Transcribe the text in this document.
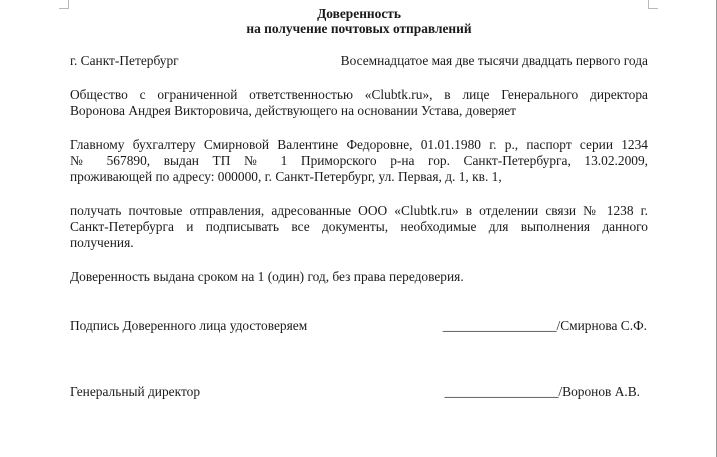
Доверенность
на получение почтовых отправлений
г. Санкт-Петербург	Восемнадцатое мая две тысячи двадцать первого года
Общество с ограниченной ответственностью «Clubtk.ru», в лице Генерального директора
Воронова Андрея Викторовича, действующего на основании Устава, доверяет
Главному бухгалтеру Смирновой Валентине Федоровне, 01.01.1980 г. р., паспорт серии 1234
№ 567890, выдан ТП № 1 Приморского р-на гор. Санкт-Петербурга, 13.02.2009,
проживающей по адресу: 000000, г. Санкт-Петербург, ул. Первая, д. 1, кв. 1,
получать почтовые отправления, адресованные ООО «Clubtk.ru» в отделении связи № 1238 г.
Санкт-Петербурга и подписывать все документы, необходимые для выполнения данного
получения.
Доверенность выдана сроком на 1 (один) год, без права передоверия.
Подпись Доверенного лица удостоверяем	_________________/Смирнова С.Ф.
Генеральный директор	_________________/Воронов А.В.
